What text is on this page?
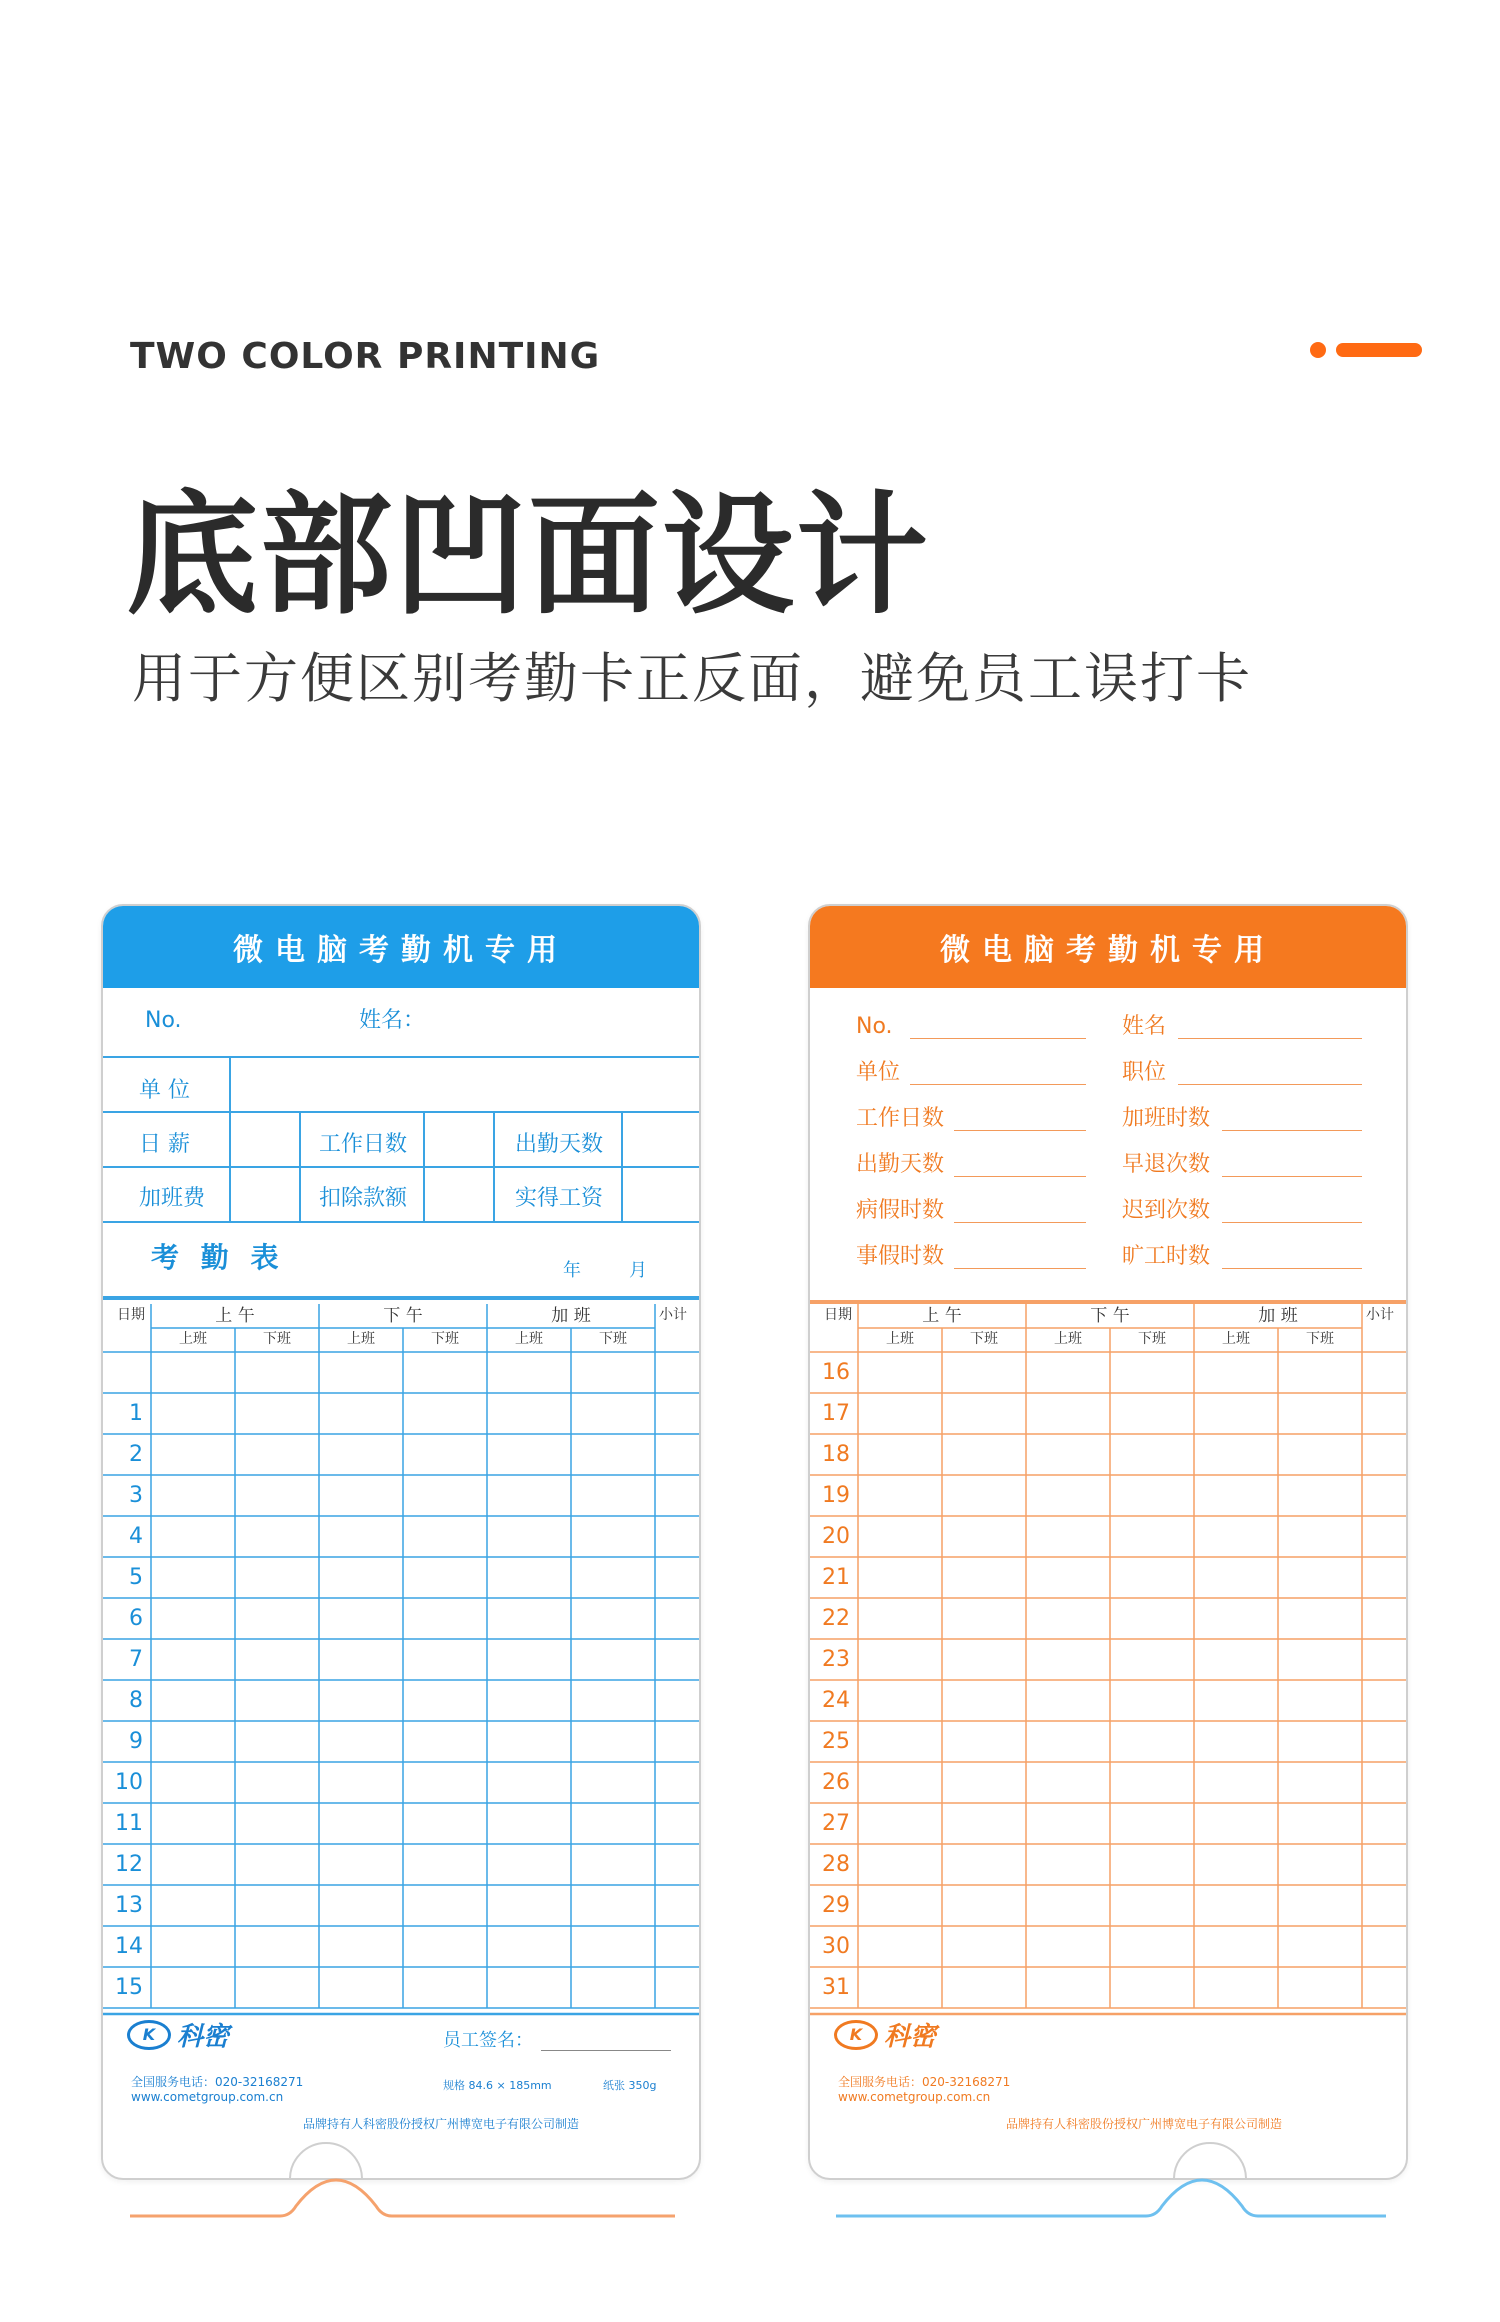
TWO COLOR PRINTING
底部凹面设计
用于方便区别考勤卡正反面，避免员工误打卡
微电脑考勤机专用
No.	姓名：
单 位
日 薪	工作日数	出勤天数
加班费	扣除款额	实得工资
考 勤 表	年	月
日期	上 午	下 午	加 班	小计
上班	下班	上班	下班	上班	下班
1
2
3
4
5
6
7
8
9
10
11
12
13
14
15
K 科密	员工签名：
全国服务电话：020-32168271
www.cometgroup.com.cn
规格 84.6 × 185mm	纸张 350g
品牌持有人科密股份授权广州博宽电子有限公司制造
微电脑考勤机专用
No.	姓名
单位	职位
工作日数	加班时数
出勤天数	早退次数
病假时数	迟到次数
事假时数	旷工时数
日期	上 午	下 午	加 班	小计
上班	下班	上班	下班	上班	下班
16
17
18
19
20
21
22
23
24
25
26
27
28
29
30
31
K 科密
全国服务电话：020-32168271
www.cometgroup.com.cn
品牌持有人科密股份授权广州博宽电子有限公司制造
